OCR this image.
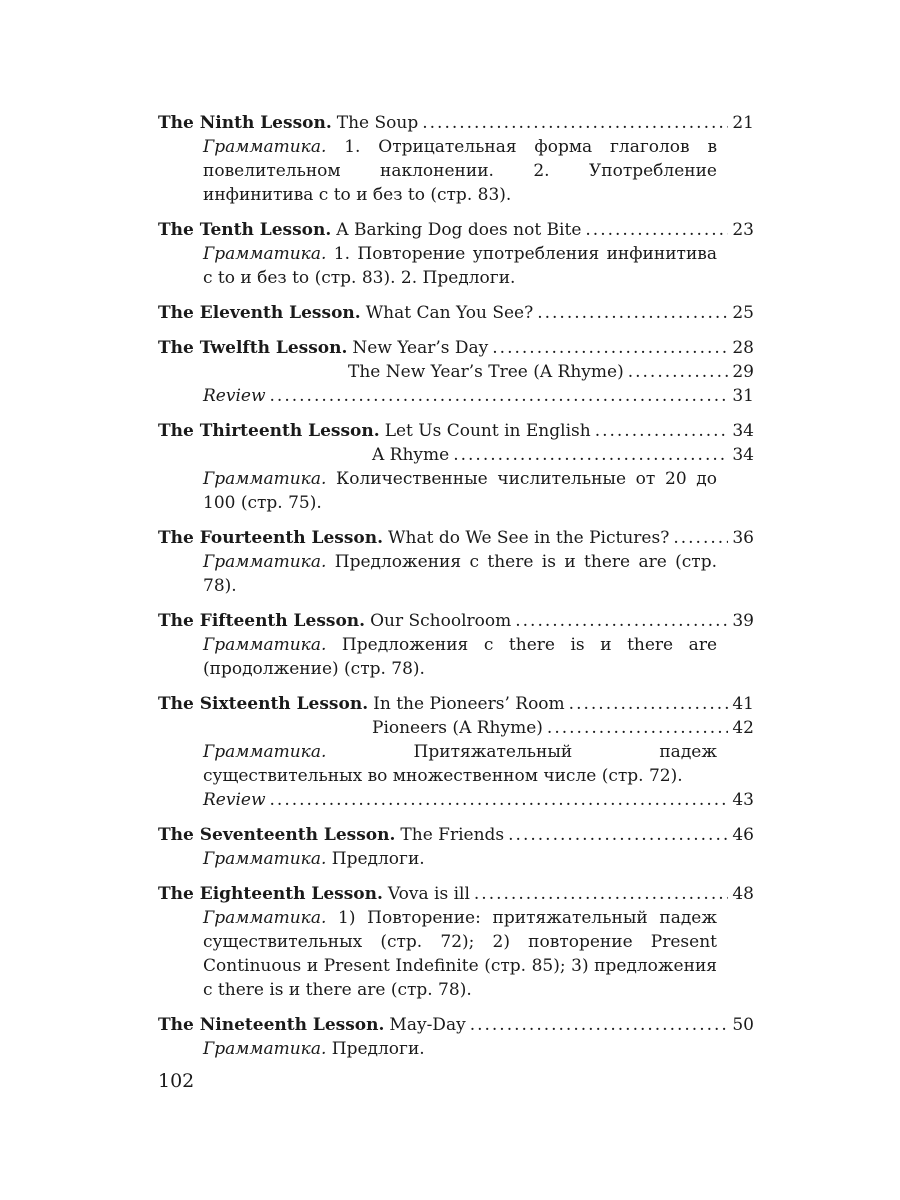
The Ninth Lesson. The Soup .....	21
Грамматика. 1. Отрицательная форма глаголов в повелительном наклонении. 2. Употребление инфинитива с to и без to (стр. 83).
The Tenth Lesson. A Barking Dog does not Bite .....	23
Грамматика. 1. Повторение употребления инфинитива с to и без to (стр. 83). 2. Предлоги.
The Eleventh Lesson. What Can You See? .....	25
The Twelfth Lesson. New Year’s Day .....	28
The New Year’s Tree (A Rhyme) .....	29
Review .....	31
The Thirteenth Lesson. Let Us Count in English .....	34
A Rhyme .....	34
Грамматика. Количественные числительные от 20 до 100 (стр. 75).
The Fourteenth Lesson. What do We See in the Pictures? .....	36
Грамматика. Предложения с there is и there are (стр. 78).
The Fifteenth Lesson. Our Schoolroom .....	39
Грамматика. Предложения с there is и there are (продолжение) (стр. 78).
The Sixteenth Lesson. In the Pioneers’ Room .....	41
Pioneers (A Rhyme) .....	42
Грамматика.	Притяжательный падеж существительных во множественном числе (стр. 72).
Review .....	43
The Seventeenth Lesson. The Friends .....	46
Грамматика. Предлоги.
The Eighteenth Lesson. Vova is ill .....	48
Грамматика. 1) Повторение: притяжательный падеж существительных (стр. 72); 2) повторение Present Continuous и Present Indefinite (стр. 85); 3) предложения с there is и there are (стр. 78).
The Nineteenth Lesson. May-Day .....	50
Грамматика. Предлоги.
102
